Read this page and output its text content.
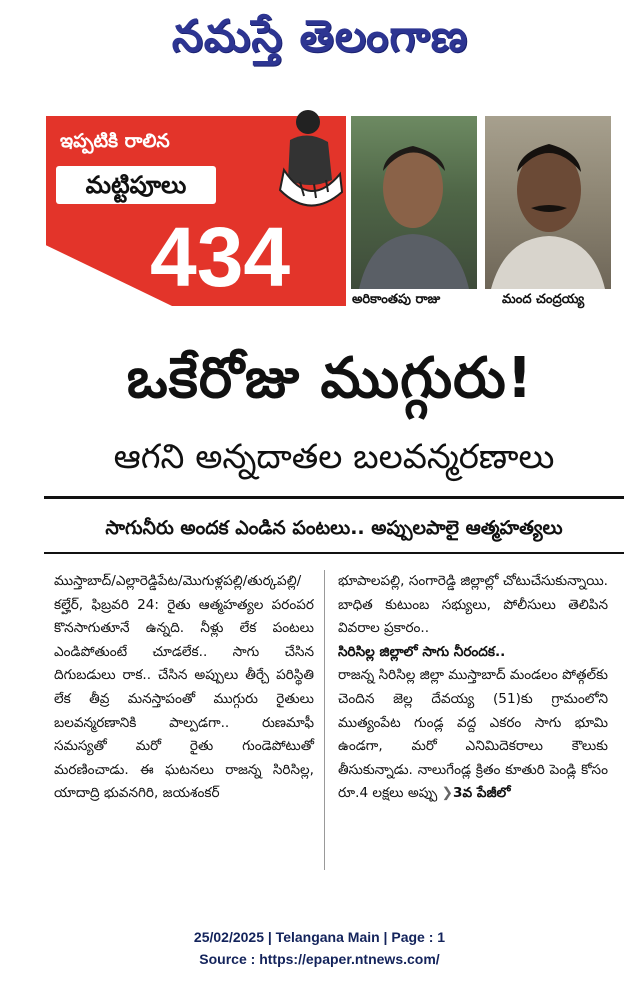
నమస్తే తెలంగాణ
ఇప్పటికి రాలిన
మట్టిపూలు
434	అరికాంతపు రాజు	మంద చంద్రయ్య
ఒకేరోజు ముగ్గురు!
ఆగని అన్నదాతల బలవన్మరణాలు
సాగునీరు అందక ఎండిన పంటలు.. అప్పులపాలై ఆత్మహత్యలు
ముస్తాబాద్/ఎల్లారెడ్డిపేట/మొగుళ్లపల్లి/తుర్కపల్లి/కల్హేర్, ఫిబ్రవరి 24: రైతు ఆత్మహత్యల పరంపర కొనసాగుతూనే ఉన్నది. నీళ్లు లేక పంటలు ఎండిపోతుంటే చూడలేక.. సాగు చేసిన దిగుబడులు రాక.. చేసిన అప్పులు తీర్చే పరిస్థితి లేక తీవ్ర మనస్తాపంతో ముగ్గురు రైతులు బలవన్మరణానికి పాల్పడగా.. రుణమాఫీ సమస్యతో మరో రైతు గుండెపోటుతో మరణించాడు. ఈ ఘటనలు రాజన్న సిరిసిల్ల, యాదాద్రి భువనగిరి, జయశంకర్
భూపాలపల్లి, సంగారెడ్డి జిల్లాల్లో చోటుచేసుకున్నాయి. బాధిత కుటుంబ సభ్యులు, పోలీసులు తెలిపిన వివరాల ప్రకారం..
సిరిసిల్ల జిల్లాలో సాగు నీరందక..
రాజన్న సిరిసిల్ల జిల్లా ముస్తాబాద్ మండలం పోత్గల్‌కు చెందిన జెల్ల దేవయ్య (51)కు గ్రామంలోని ముత్యంపేట గుండ్ల వద్ద ఎకరం సాగు భూమి ఉండగా, మరో ఎనిమిదెకరాలు కౌలుకు తీసుకున్నాడు. నాలుగేండ్ల క్రితం కూతురి పెండ్లి కోసం రూ.4 లక్షలు అప్పు ❯3వ పేజీలో
25/02/2025 | Telangana Main | Page : 1
Source : https://epaper.ntnews.com/
